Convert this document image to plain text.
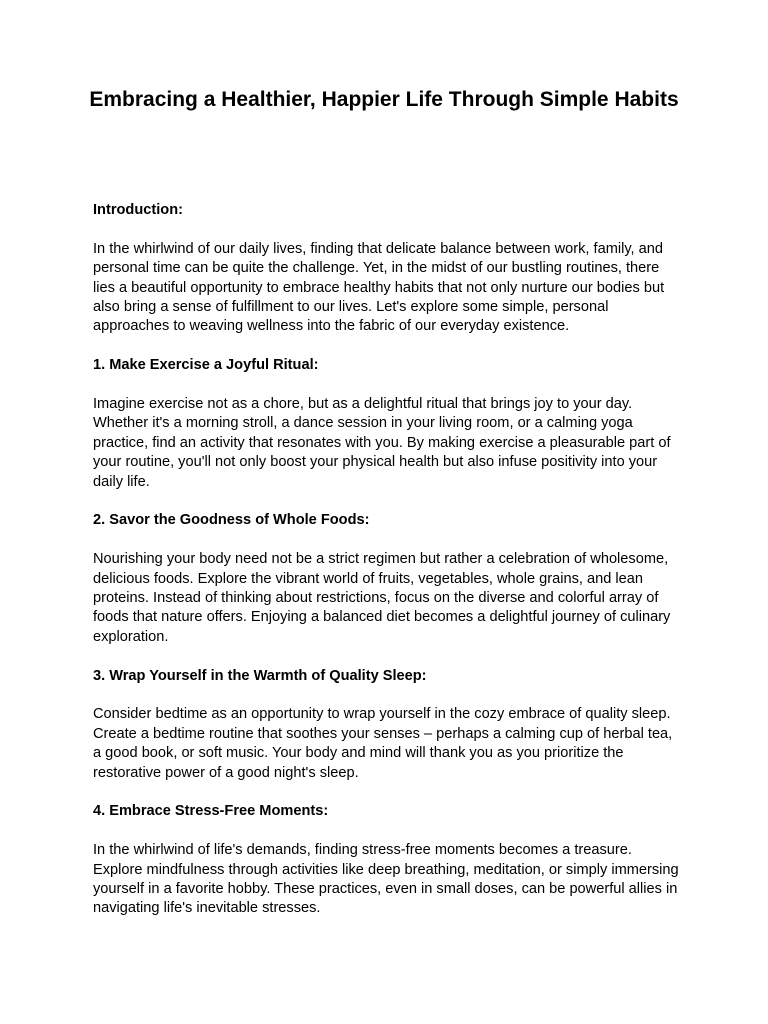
Embracing a Healthier, Happier Life Through Simple Habits

Introduction:

In the whirlwind of our daily lives, finding that delicate balance between work, family, and personal time can be quite the challenge. Yet, in the midst of our bustling routines, there lies a beautiful opportunity to embrace healthy habits that not only nurture our bodies but also bring a sense of fulfillment to our lives. Let's explore some simple, personal approaches to weaving wellness into the fabric of our everyday existence.

1. Make Exercise a Joyful Ritual:

Imagine exercise not as a chore, but as a delightful ritual that brings joy to your day. Whether it's a morning stroll, a dance session in your living room, or a calming yoga practice, find an activity that resonates with you. By making exercise a pleasurable part of your routine, you'll not only boost your physical health but also infuse positivity into your daily life.

2. Savor the Goodness of Whole Foods:

Nourishing your body need not be a strict regimen but rather a celebration of wholesome, delicious foods. Explore the vibrant world of fruits, vegetables, whole grains, and lean proteins. Instead of thinking about restrictions, focus on the diverse and colorful array of foods that nature offers. Enjoying a balanced diet becomes a delightful journey of culinary exploration.

3. Wrap Yourself in the Warmth of Quality Sleep:

Consider bedtime as an opportunity to wrap yourself in the cozy embrace of quality sleep. Create a bedtime routine that soothes your senses – perhaps a calming cup of herbal tea, a good book, or soft music. Your body and mind will thank you as you prioritize the restorative power of a good night's sleep.

4. Embrace Stress-Free Moments:

In the whirlwind of life's demands, finding stress-free moments becomes a treasure. Explore mindfulness through activities like deep breathing, meditation, or simply immersing yourself in a favorite hobby. These practices, even in small doses, can be powerful allies in navigating life's inevitable stresses.
